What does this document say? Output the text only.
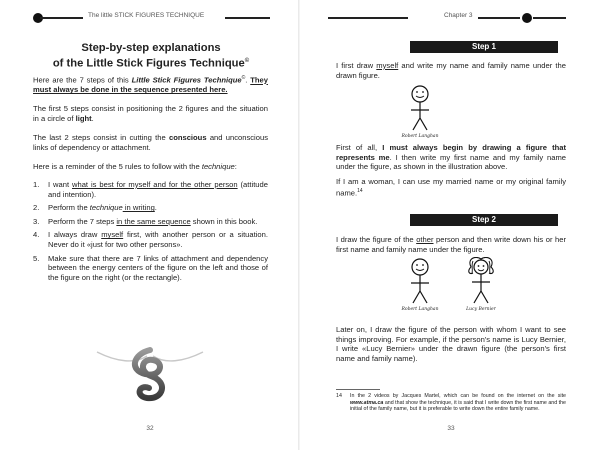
The little STICK FIGURES TECHNIQUE
Step-by-step explanations
of the Little Stick Figures Technique©
Here are the 7 steps of this Little Stick Figures Technique©. They must always be done in the sequence presented here.
The first 5 steps consist in positioning the 2 figures and the situation in a circle of light.
The last 2 steps consist in cutting the conscious and unconscious links of dependency or attachment.
Here is a reminder of the 5 rules to follow with the technique:
1. I want what is best for myself and for the other person (attitude and intention).
2. Perform the technique in writing.
3. Perform the 7 steps in the same sequence shown in this book.
4. I always draw myself first, with another person or a situation. Never do it «just for two other persons».
5. Make sure that there are 7 links of attachment and dependency between the energy centers of the figure on the left and those of the figure on the right (or the rectangle).
32
Chapter 3
Step 1
I first draw myself and write my name and family name under the drawn figure.
Robert Langhan
First of all, I must always begin by drawing a figure that represents me. I then write my first name and my family name under the figure, as shown in the illustration above.
If I am a woman, I can use my married name or my original family name.$^{14}$
Step 2
I draw the figure of the other person and then write down his or her first name and family name under the figure.
Robert Langhan	Lucy Bernier
Later on, I draw the figure of the person with whom I want to see things improving. For example, if the person's name is Lucy Bernier, I write «Lucy Bernier» under the drawn figure (the person's first name and family name).
14	In the 2 videos by Jacques Martel, which can be found on the internet on the site www.atma.ca and that show the technique, it is said that I write down the first name and the initial of the family name, but it is preferable to write down the entire family name.
33
